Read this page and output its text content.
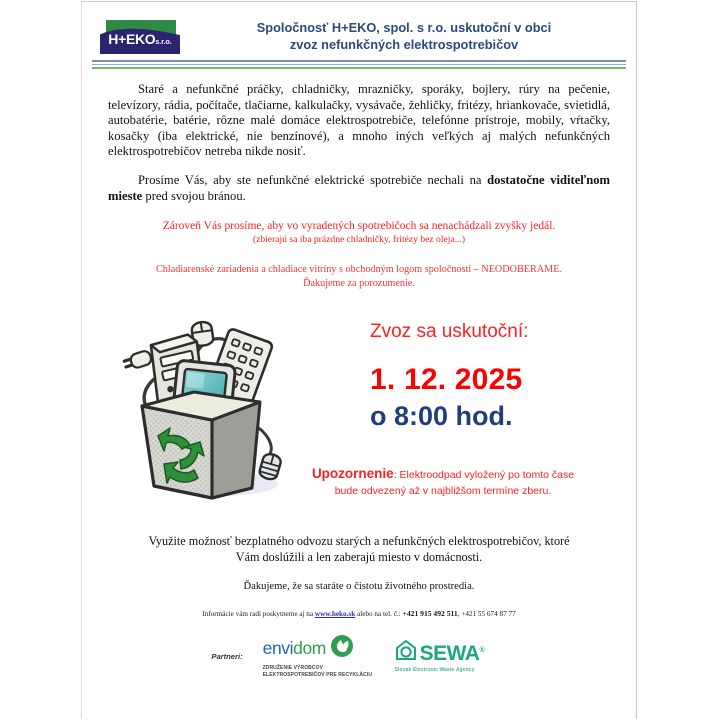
H+EKOs.r.o.
Spoločnosť H+EKO, spol. s r.o. uskutoční v obci
zvoz nefunkčných elektrospotrebičov

Staré a nefunkčné práčky, chladničky, mrazničky, sporáky, bojlery, rúry na pečenie, televízory, rádia, počítače, tlačiarne, kalkulačky, vysávače, žehličky, fritézy, hriankovače, svietidlá, autobatérie, batérie, rôzne malé domáce elektrospotrebiče, telefónne prístroje, mobily, vŕtačky, kosačky (iba elektrické, nie benzínové), a mnoho iných veľkých aj malých nefunkčných elektrospotrebičov netreba nikde nosiť.

Prosíme Vás, aby ste nefunkčné elektrické spotrebiče nechali na dostatočne viditeľnom mieste pred svojou bránou.

Zároveň Vás prosíme, aby vo vyradených spotrebičoch sa nenachádzali zvyšky jedál.
(zbierajú sa iba prázdne chladničky, fritézy bez oleja...)
Chladiarenské zariadenia a chladiace vitríny s obchodným logom spoločnosti – NEODOBERAME.
Ďakujeme za porozumenie.
Zvoz sa uskutoční:
1. 12. 2025
o 8:00 hod.
Upozornenie: Elektroodpad vyložený po tomto čase
bude odvezený až v najbližšom termíne zberu.
Využite možnosť bezplatného odvozu starých a nefunkčných elektrospotrebičov, ktoré
Vám doslúžili a len zaberajú miesto v domácnosti.
Ďakujeme, že sa staráte o čistotu životného prostredia.
Informácie vám radi poskytneme aj na www.heko.sk alebo na tel. č.: +421 915 492 511, +421 55 674 87 77
Partneri: envidom
ZDRUŽENIE VÝROBCOV
ELEKTROSPOTREBIČOV PRE RECYKLÁCIU
SEWA®
Slovak Electronic Waste Agency
